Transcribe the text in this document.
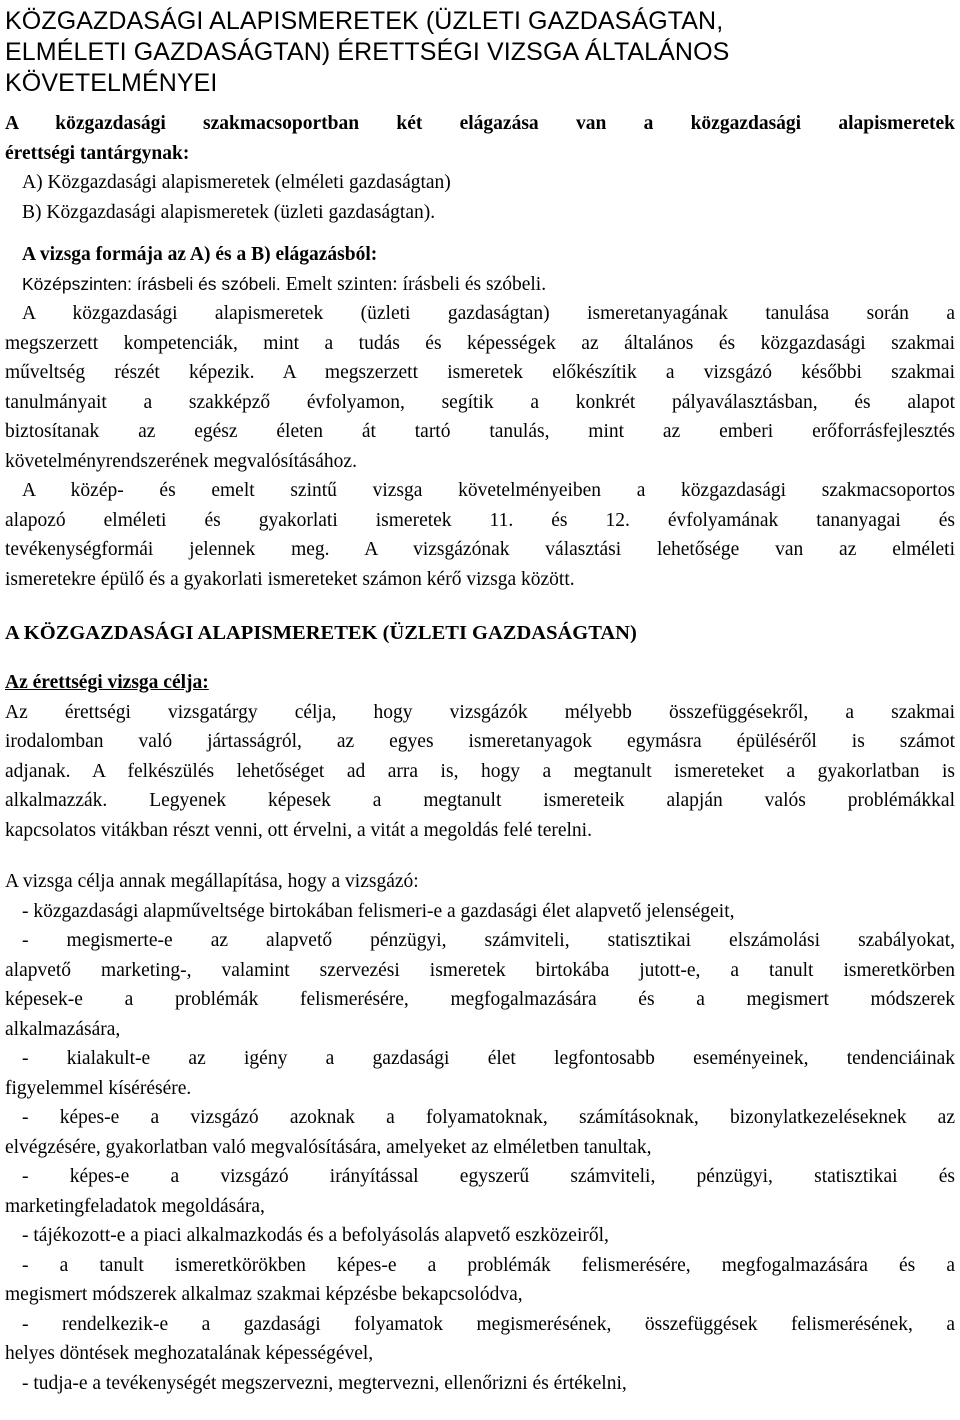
KÖZGAZDASÁGI ALAPISMERETEK (ÜZLETI GAZDASÁGTAN,
ELMÉLETI GAZDASÁGTAN) ÉRETTSÉGI VIZSGA ÁLTALÁNOS
KÖVETELMÉNYEI
A közgazdasági szakmacsoportban két elágazása van a közgazdasági alapismeretek
érettségi tantárgynak:
A) Közgazdasági alapismeretek (elméleti gazdaságtan)
B) Közgazdasági alapismeretek (üzleti gazdaságtan).
A vizsga formája az A) és a B) elágazásból:
Középszinten: írásbeli és szóbeli. Emelt szinten: írásbeli és szóbeli.
A közgazdasági alapismeretek (üzleti gazdaságtan) ismeretanyagának tanulása során a
megszerzett kompetenciák, mint a tudás és képességek az általános és közgazdasági szakmai
műveltség részét képezik. A megszerzett ismeretek előkészítik a vizsgázó későbbi szakmai
tanulmányait a szakképző évfolyamon, segítik a konkrét pályaválasztásban, és alapot
biztosítanak az egész életen át tartó tanulás, mint az emberi erőforrásfejlesztés
követelményrendszerének megvalósításához.
A közép- és emelt szintű vizsga követelményeiben a közgazdasági szakmacsoportos
alapozó elméleti és gyakorlati ismeretek 11. és 12. évfolyamának tananyagai és
tevékenységformái jelennek meg. A vizsgázónak választási lehetősége van az elméleti
ismeretekre épülő és a gyakorlati ismereteket számon kérő vizsga között.
A KÖZGAZDASÁGI ALAPISMERETEK (ÜZLETI GAZDASÁGTAN)
Az érettségi vizsga célja:
Az érettségi vizsgatárgy célja, hogy vizsgázók mélyebb összefüggésekről, a szakmai
irodalomban való jártasságról, az egyes ismeretanyagok egymásra épüléséről is számot
adjanak. A felkészülés lehetőséget ad arra is, hogy a megtanult ismereteket a gyakorlatban is
alkalmazzák. Legyenek képesek a megtanult ismereteik alapján valós problémákkal
kapcsolatos vitákban részt venni, ott érvelni, a vitát a megoldás felé terelni.
A vizsga célja annak megállapítása, hogy a vizsgázó:
- közgazdasági alapműveltsége birtokában felismeri-e a gazdasági élet alapvető jelenségeit,
- megismerte-e az alapvető pénzügyi, számviteli, statisztikai elszámolási szabályokat,
alapvető marketing-, valamint szervezési ismeretek birtokába jutott-e, a tanult ismeretkörben
képesek-e a problémák felismerésére, megfogalmazására és a megismert módszerek
alkalmazására,
- kialakult-e az igény a gazdasági élet legfontosabb eseményeinek, tendenciáinak
figyelemmel kísérésére.
- képes-e a vizsgázó azoknak a folyamatoknak, számításoknak, bizonylatkezeléseknek az
elvégzésére, gyakorlatban való megvalósítására, amelyeket az elméletben tanultak,
- képes-e a vizsgázó irányítással egyszerű számviteli, pénzügyi, statisztikai és
marketingfeladatok megoldására,
- tájékozott-e a piaci alkalmazkodás és a befolyásolás alapvető eszközeiről,
- a tanult ismeretkörökben képes-e a problémák felismerésére, megfogalmazására és a
megismert módszerek alkalmaz szakmai képzésbe bekapcsolódva,
- rendelkezik-e a gazdasági folyamatok megismerésének, összefüggések felismerésének, a
helyes döntések meghozatalának képességével,
- tudja-e a tevékenységét megszervezni, megtervezni, ellenőrizni és értékelni,
